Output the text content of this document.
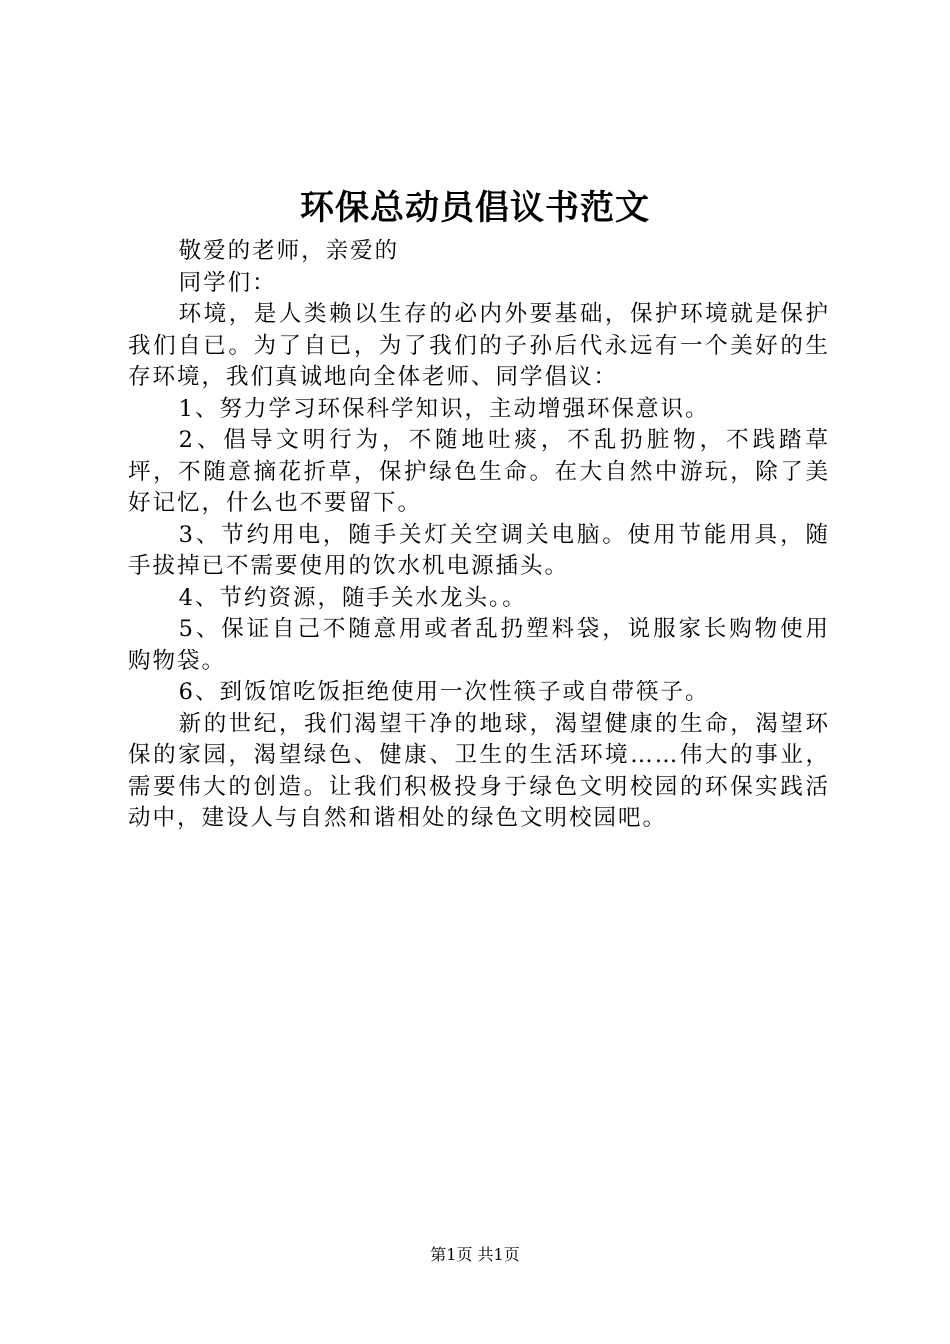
环保总动员倡议书范文

敬爱的老师，亲爱的

同学们：

环境，是人类赖以生存的必内外要基础，保护环境就是保护我们自已。为了自已，为了我们的子孙后代永远有一个美好的生存环境，我们真诚地向全体老师、同学倡议：

1、努力学习环保科学知识，主动增强环保意识。

2、倡导文明行为，不随地吐痰，不乱扔脏物，不践踏草坪，不随意摘花折草，保护绿色生命。在大自然中游玩，除了美好记忆，什么也不要留下。

3、节约用电，随手关灯关空调关电脑。使用节能用具，随手拔掉已不需要使用的饮水机电源插头。

4、节约资源，随手关水龙头。。

5、保证自己不随意用或者乱扔塑料袋，说服家长购物使用购物袋。

6、到饭馆吃饭拒绝使用一次性筷子或自带筷子。

新的世纪，我们渴望干净的地球，渴望健康的生命，渴望环保的家园，渴望绿色、健康、卫生的生活环境……伟大的事业，需要伟大的创造。让我们积极投身于绿色文明校园的环保实践活动中，建设人与自然和谐相处的绿色文明校园吧。

第1页 共1页
